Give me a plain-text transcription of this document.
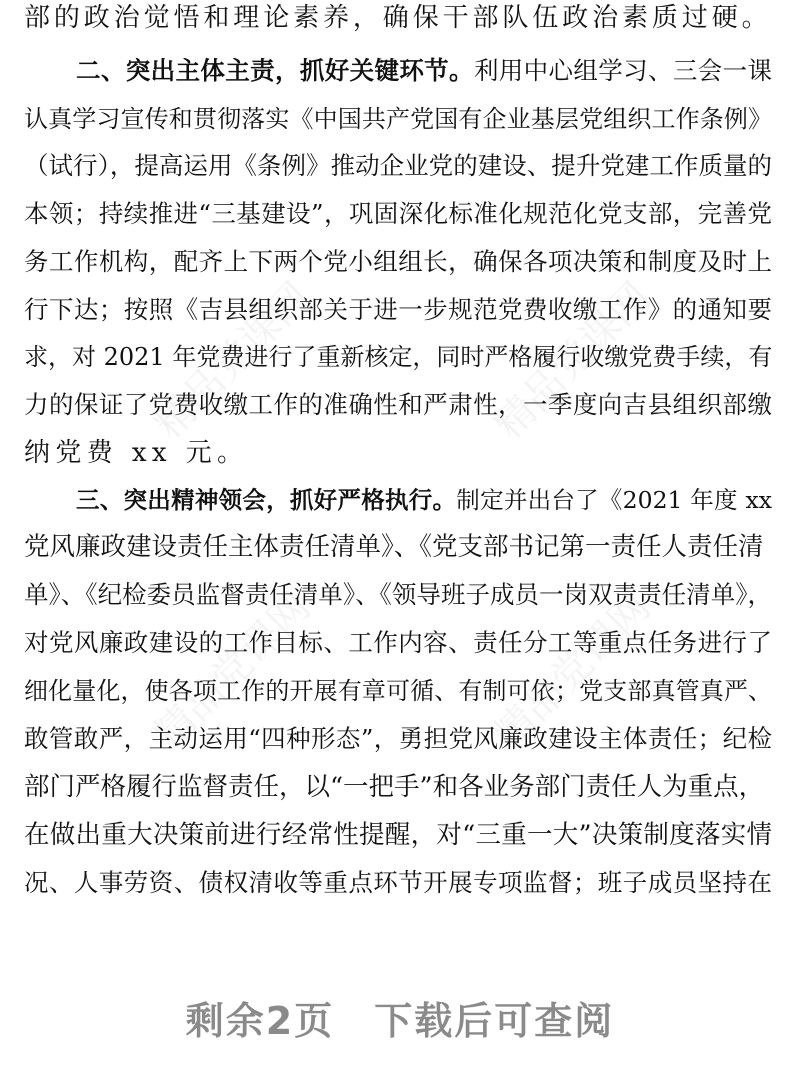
精品党课网	精品党课网
精品党课网	精品党课网
部的政治觉悟和理论素养，确保干部队伍政治素质过硬。
二、突出主体主责，抓好关键环节。利用中心组学习、三会一课
认真学习宣传和贯彻落实《中国共产党国有企业基层党组织工作条例》
（试行），提高运用《条例》推动企业党的建设、提升党建工作质量的
本领；持续推进“三基建设”，巩固深化标准化规范化党支部，完善党
务工作机构，配齐上下两个党小组组长，确保各项决策和制度及时上
行下达；按照《吉县组织部关于进一步规范党费收缴工作》的通知要
求，对 2021 年党费进行了重新核定，同时严格履行收缴党费手续，有
力的保证了党费收缴工作的准确性和严肃性，一季度向吉县组织部缴
纳党费 xx 元。
三、突出精神领会，抓好严格执行。制定并出台了《2021 年度 xx
党风廉政建设责任主体责任清单》、《党支部书记第一责任人责任清
单》、《纪检委员监督责任清单》、《领导班子成员一岗双责责任清单》，
对党风廉政建设的工作目标、工作内容、责任分工等重点任务进行了
细化量化，使各项工作的开展有章可循、有制可依；党支部真管真严、
敢管敢严，主动运用“四种形态”，勇担党风廉政建设主体责任；纪检
部门严格履行监督责任，以“一把手”和各业务部门责任人为重点，
在做出重大决策前进行经常性提醒，对“三重一大”决策制度落实情
况、人事劳资、债权清收等重点环节开展专项监督；班子成员坚持在
剩余2页 下载后可查阅
